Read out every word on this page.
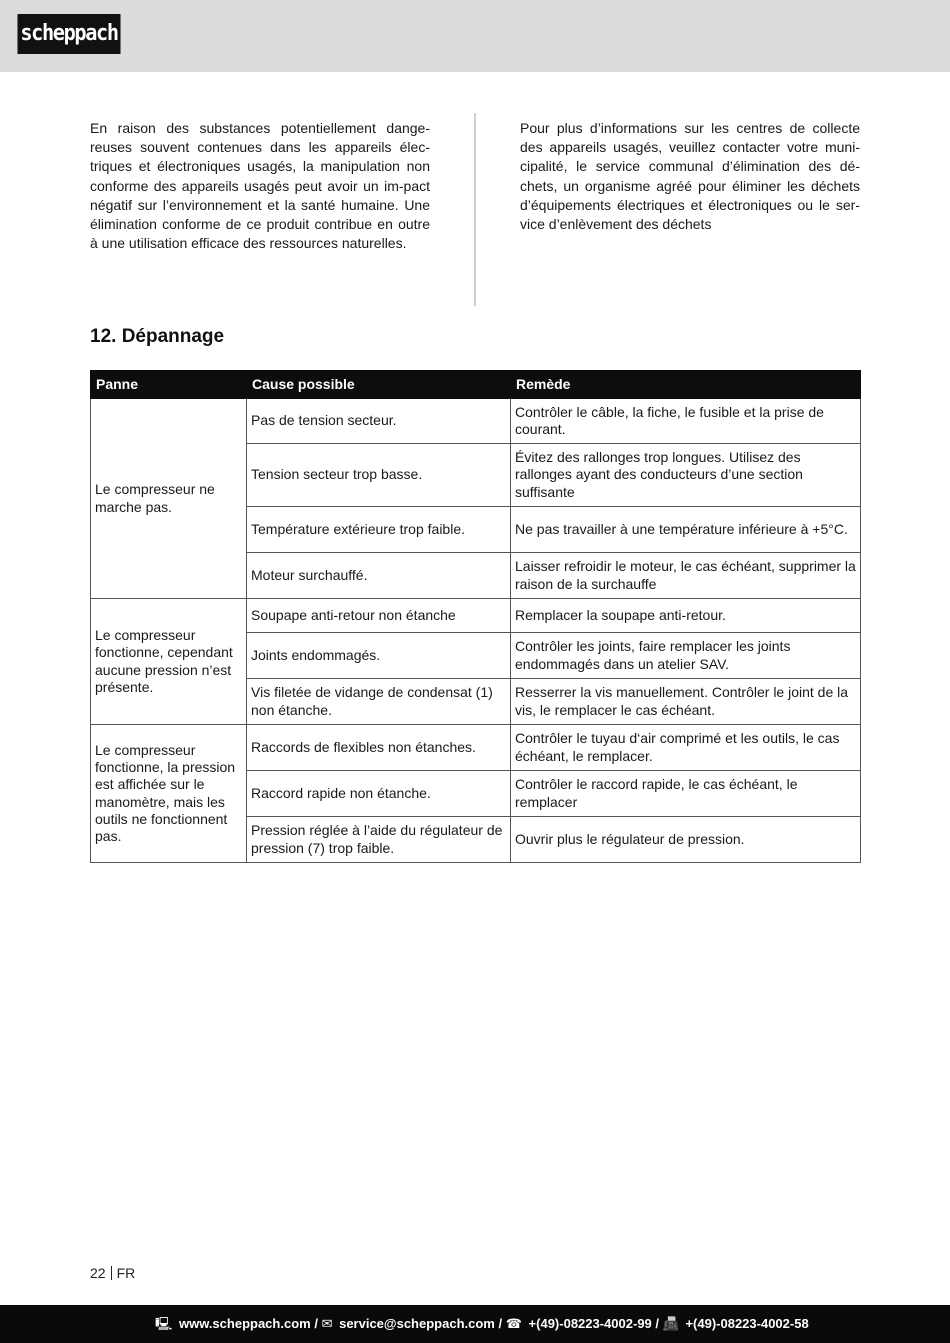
scheppach
En raison des substances potentiellement dange-reuses souvent contenues dans les appareils élec-triques et électroniques usagés, la manipulation non conforme des appareils usagés peut avoir un im-pact négatif sur l’environnement et la santé humaine. Une élimination conforme de ce produit contribue en outre à une utilisation efficace des ressources naturelles.
Pour plus d’informations sur les centres de collecte des appareils usagés, veuillez contacter votre muni-cipalité, le service communal d’élimination des dé-chets, un organisme agréé pour éliminer les déchets d’équipements électriques et électroniques ou le ser-vice d’enlèvement des déchets
12. Dépannage
Panne	Cause possible	Remède
Le compresseur ne marche pas.	Pas de tension secteur.	Contrôler le câble, la fiche, le fusible et la prise de courant.
	Tension secteur trop basse.	Évitez des rallonges trop longues. Utilisez des rallonges ayant des conducteurs d’une section suffisante
	Température extérieure trop faible.	Ne pas travailler à une température inférieure à +5°C.
	Moteur surchauffé.	Laisser refroidir le moteur, le cas échéant, supprimer la raison de la surchauffe
Le compresseur fonctionne, cependant aucune pression n’est présente.	Soupape anti-retour non étanche	Remplacer la soupape anti-retour.
	Joints endommagés.	Contrôler les joints, faire remplacer les joints endommagés dans un atelier SAV.
	Vis filetée de vidange de condensat (1) non étanche.	Resserrer la vis manuellement. Contrôler le joint de la vis, le remplacer le cas échéant.
Le compresseur fonctionne, la pression est affichée sur le manomètre, mais les outils ne fonctionnent pas.	Raccords de flexibles non étanches.	Contrôler le tuyau d‘air comprimé et les outils, le cas échéant, le remplacer.
	Raccord rapide non étanche.	Contrôler le raccord rapide, le cas échéant, le remplacer
	Pression réglée à l’aide du régulateur de pression (7) trop faible.	Ouvrir plus le régulateur de pression.
22 FR
🖳 www.scheppach.com / ✉ service@scheppach.com / ☎ +(49)-08223-4002-99 / 📠 +(49)-08223-4002-58
